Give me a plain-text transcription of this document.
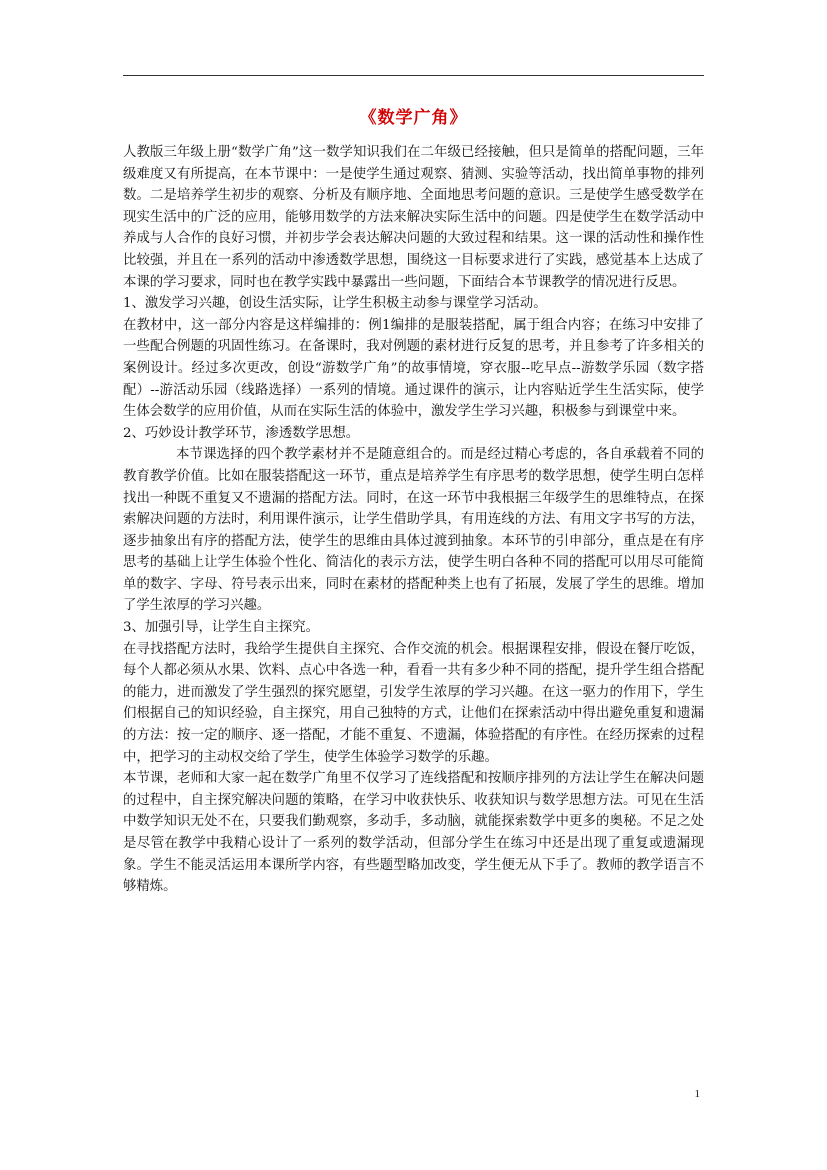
《数学广角》

人教版三年级上册“数学广角”这一数学知识我们在二年级已经接触，但只是简单的搭配问题，三年级难度又有所提高，在本节课中：一是使学生通过观察、猜测、实验等活动，找出简单事物的排列数。二是培养学生初步的观察、分析及有顺序地、全面地思考问题的意识。三是使学生感受数学在现实生活中的广泛的应用，能够用数学的方法来解决实际生活中的问题。四是使学生在数学活动中养成与人合作的良好习惯，并初步学会表达解决问题的大致过程和结果。这一课的活动性和操作性比较强，并且在一系列的活动中渗透数学思想，围绕这一目标要求进行了实践，感觉基本上达成了本课的学习要求，同时也在教学实践中暴露出一些问题，下面结合本节课教学的情况进行反思。

1、激发学习兴趣，创设生活实际，让学生积极主动参与课堂学习活动。

在教材中，这一部分内容是这样编排的：例1编排的是服装搭配，属于组合内容；在练习中安排了一些配合例题的巩固性练习。在备课时，我对例题的素材进行反复的思考，并且参考了许多相关的案例设计。经过多次更改，创设“游数学广角”的故事情境，穿衣服--吃早点--游数学乐园（数字搭配）--游活动乐园（线路选择）一系列的情境。通过课件的演示，让内容贴近学生生活实际，使学生体会数学的应用价值，从而在实际生活的体验中，激发学生学习兴趣，积极参与到课堂中来。

2、巧妙设计教学环节，渗透数学思想。

本节课选择的四个教学素材并不是随意组合的。而是经过精心考虑的，各自承载着不同的教育教学价值。比如在服装搭配这一环节，重点是培养学生有序思考的数学思想，使学生明白怎样找出一种既不重复又不遗漏的搭配方法。同时，在这一环节中我根据三年级学生的思维特点，在探索解决问题的方法时，利用课件演示，让学生借助学具，有用连线的方法、有用文字书写的方法，逐步抽象出有序的搭配方法，使学生的思维由具体过渡到抽象。本环节的引申部分，重点是在有序思考的基础上让学生体验个性化、简洁化的表示方法，使学生明白各种不同的搭配可以用尽可能简单的数字、字母、符号表示出来，同时在素材的搭配种类上也有了拓展，发展了学生的思维。增加了学生浓厚的学习兴趣。

3、加强引导，让学生自主探究。

在寻找搭配方法时，我给学生提供自主探究、合作交流的机会。根据课程安排，假设在餐厅吃饭，每个人都必须从水果、饮料、点心中各选一种，看看一共有多少种不同的搭配，提升学生组合搭配的能力，进而激发了学生强烈的探究愿望，引发学生浓厚的学习兴趣。在这一驱力的作用下，学生们根据自己的知识经验，自主探究，用自己独特的方式，让他们在探索活动中得出避免重复和遗漏的方法：按一定的顺序、逐一搭配，才能不重复、不遗漏，体验搭配的有序性。在经历探索的过程中，把学习的主动权交给了学生，使学生体验学习数学的乐趣。

本节课，老师和大家一起在数学广角里不仅学习了连线搭配和按顺序排列的方法让学生在解决问题的过程中，自主探究解决问题的策略，在学习中收获快乐、收获知识与数学思想方法。可见在生活中数学知识无处不在，只要我们勤观察，多动手，多动脑，就能探索数学中更多的奥秘。不足之处是尽管在教学中我精心设计了一系列的数学活动，但部分学生在练习中还是出现了重复或遗漏现象。学生不能灵活运用本课所学内容，有些题型略加改变，学生便无从下手了。教师的教学语言不够精炼。

1
